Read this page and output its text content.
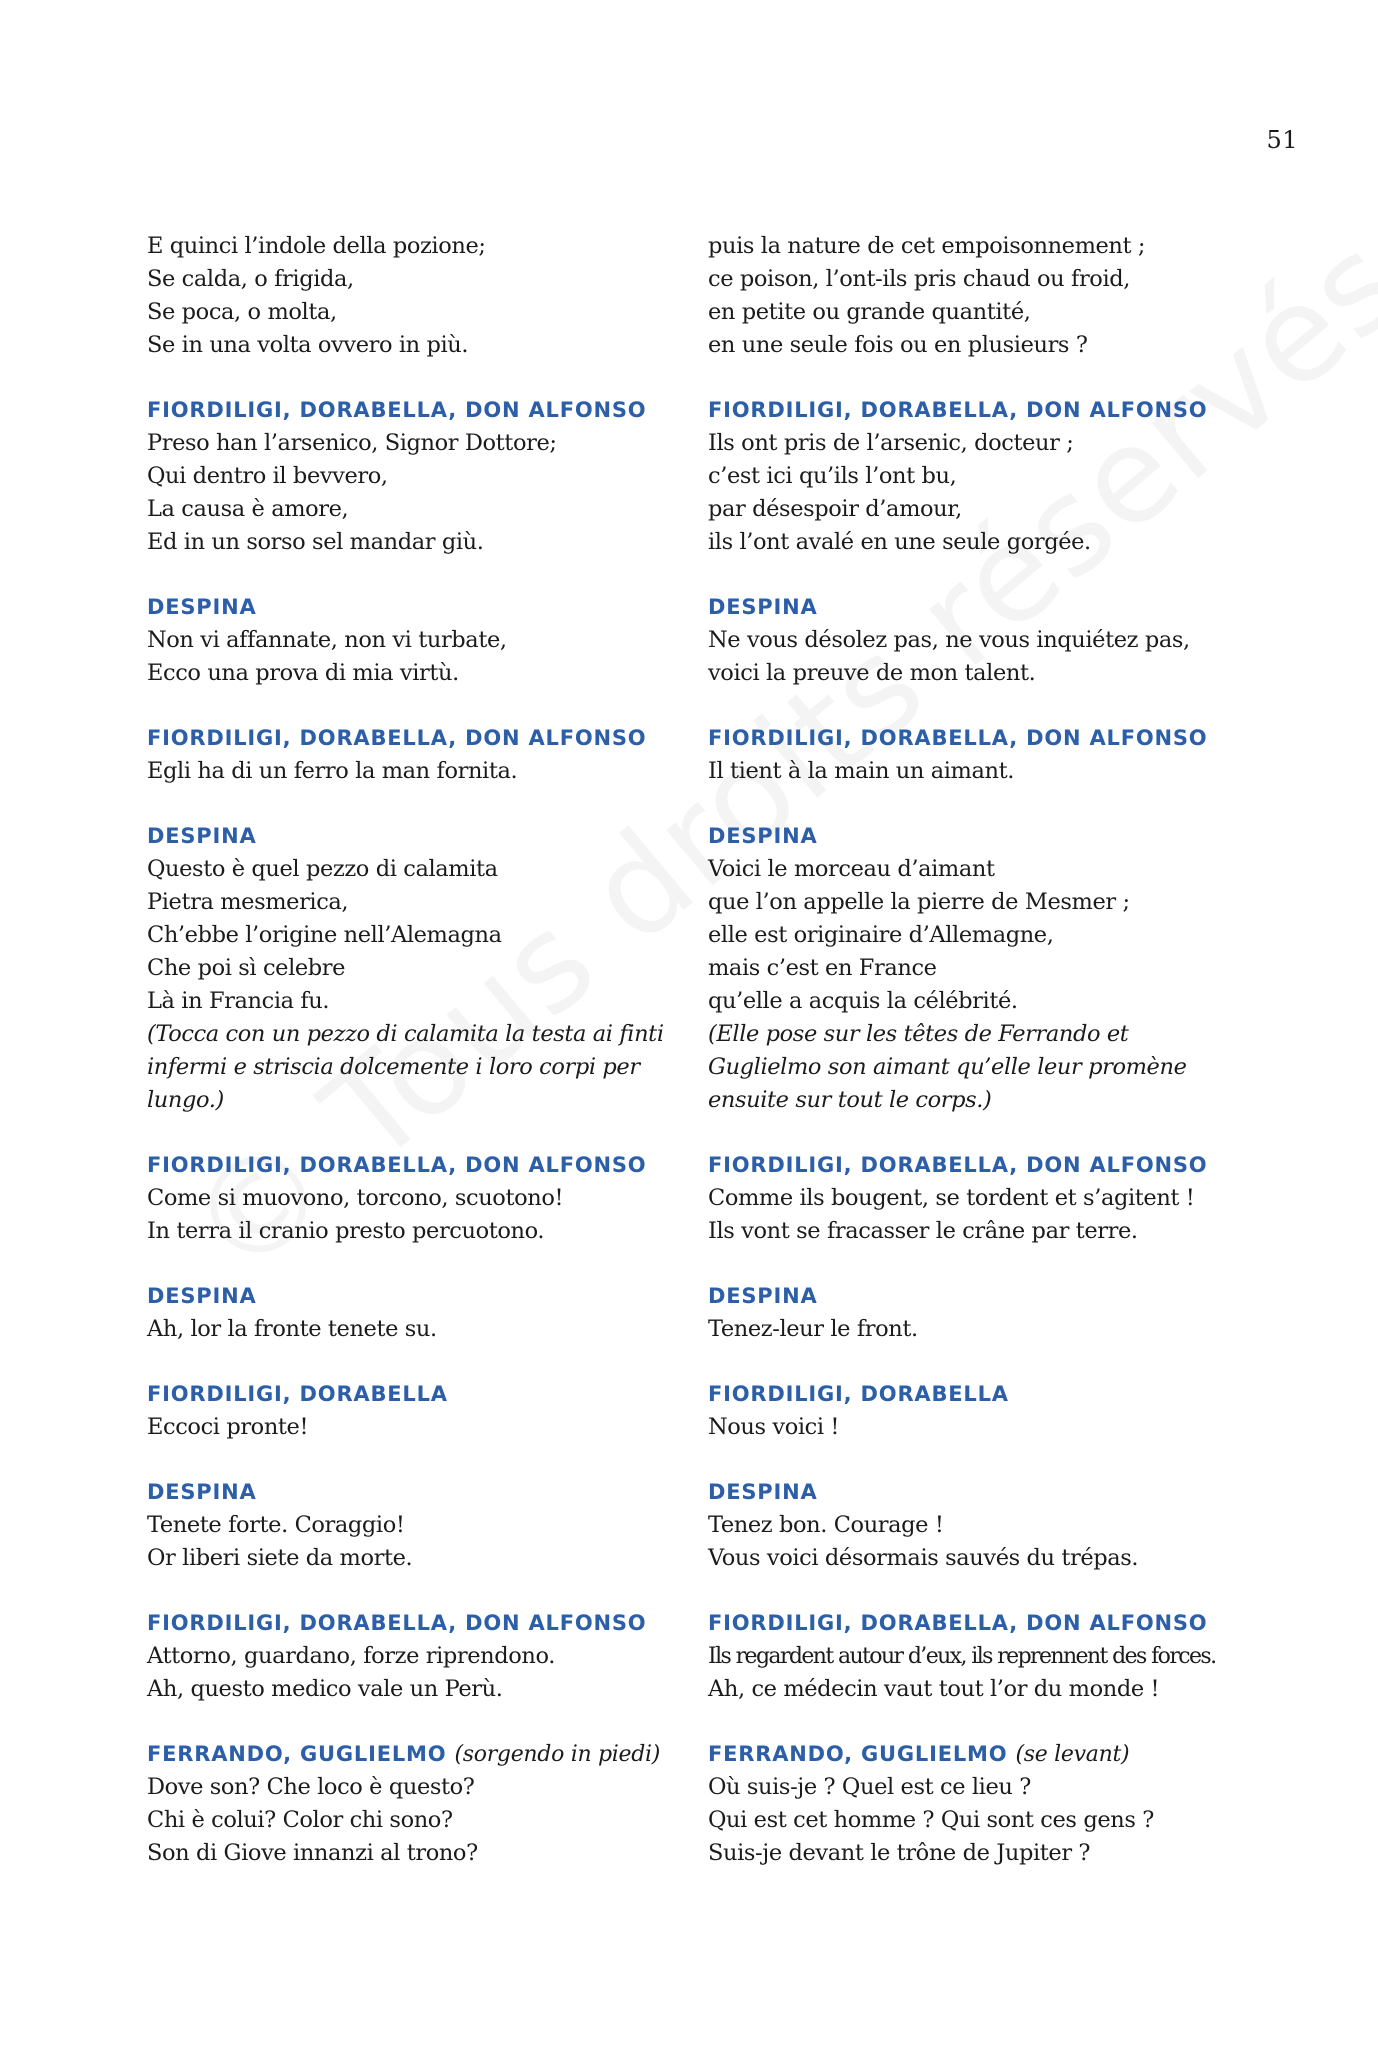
51
E quinci l’indole della pozione;
Se calda, o frigida,
Se poca, o molta,
Se in una volta ovvero in più.
FIORDILIGI, DORABELLA, DON ALFONSO
Preso han l’arsenico, Signor Dottore;
Qui dentro il bevvero,
La causa è amore,
Ed in un sorso sel mandar giù.
DESPINA
Non vi affannate, non vi turbate,
Ecco una prova di mia virtù.
FIORDILIGI, DORABELLA, DON ALFONSO
Egli ha di un ferro la man fornita.
DESPINA
Questo è quel pezzo di calamita
Pietra mesmerica,
Ch’ebbe l’origine nell’Alemagna
Che poi sì celebre
Là in Francia fu.
(Tocca con un pezzo di calamita la testa ai finti
infermi e striscia dolcemente i loro corpi per
lungo.)
FIORDILIGI, DORABELLA, DON ALFONSO
Come si muovono, torcono, scuotono!
In terra il cranio presto percuotono.
DESPINA
Ah, lor la fronte tenete su.
FIORDILIGI, DORABELLA
Eccoci pronte!
DESPINA
Tenete forte. Coraggio!
Or liberi siete da morte.
FIORDILIGI, DORABELLA, DON ALFONSO
Attorno, guardano, forze riprendono.
Ah, questo medico vale un Perù.
FERRANDO, GUGLIELMO (sorgendo in piedi)
Dove son? Che loco è questo?
Chi è colui? Color chi sono?
Son di Giove innanzi al trono?
puis la nature de cet empoisonnement ;
ce poison, l’ont-ils pris chaud ou froid,
en petite ou grande quantité,
en une seule fois ou en plusieurs ?
FIORDILIGI, DORABELLA, DON ALFONSO
Ils ont pris de l’arsenic, docteur ;
c’est ici qu’ils l’ont bu,
par désespoir d’amour,
ils l’ont avalé en une seule gorgée.
DESPINA
Ne vous désolez pas, ne vous inquiétez pas,
voici la preuve de mon talent.
FIORDILIGI, DORABELLA, DON ALFONSO
Il tient à la main un aimant.
DESPINA
Voici le morceau d’aimant
que l’on appelle la pierre de Mesmer ;
elle est originaire d’Allemagne,
mais c’est en France
qu’elle a acquis la célébrité.
(Elle pose sur les têtes de Ferrando et
Guglielmo son aimant qu’elle leur promène
ensuite sur tout le corps.)
FIORDILIGI, DORABELLA, DON ALFONSO
Comme ils bougent, se tordent et s’agitent !
Ils vont se fracasser le crâne par terre.
DESPINA
Tenez-leur le front.
FIORDILIGI, DORABELLA
Nous voici !
DESPINA
Tenez bon. Courage !
Vous voici désormais sauvés du trépas.
FIORDILIGI, DORABELLA, DON ALFONSO
Ils regardent autour d’eux, ils reprennent des forces.
Ah, ce médecin vaut tout l’or du monde !
FERRANDO, GUGLIELMO (se levant)
Où suis-je ? Quel est ce lieu ?
Qui est cet homme ? Qui sont ces gens ?
Suis-je devant le trône de Jupiter ?
